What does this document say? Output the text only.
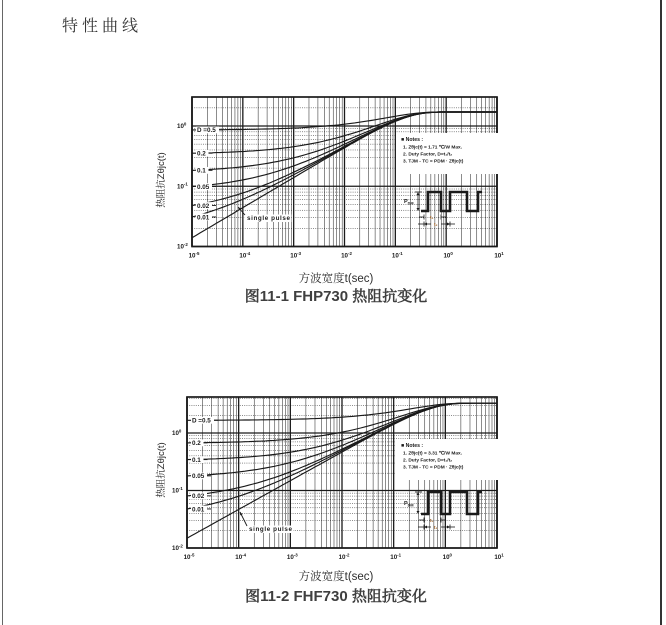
特性曲线
D =0.5
0.2
0.1
0.05
0.02
0.01	single pulse
■ Notes :
1. Zθjc(t) = 1.71 ℃/W Max.
2. Duty Factor, D=t₁/t₂
3. TJM - TC = PDM · Zθjc(t)
$P_{DM}$
t₁
t₂
$10^{-5}$	$10^{-4}$	$10^{-3}$	$10^{-2}$	$10^{-1}$	$10^0$	$10^1$
$10^0$
$10^{-1}$
$10^{-2}$
D =0.5
0.2
0.1
0.05
0.02
0.01
single pulse
■ Notes :
1. Zθjc(t) = 3.31 ℃/W Max.
2. Duty Factor, D=t₁/t₂
3. TJM - TC = PDM · Zθjc(t)
$P_{DM}$
t₁
t₂
$10^{-5}$	$10^{-4}$	$10^{-3}$	$10^{-2}$	$10^{-1}$	$10^0$	$10^1$
$10^0$
$10^{-1}$
$10^{-2}$
热阻抗Zθjc(t)
方波宽度t(sec)
图11-1 FHP730 热阻抗变化
热阻抗Zθjc(t)
方波宽度t(sec)
图11-2 FHF730 热阻抗变化
